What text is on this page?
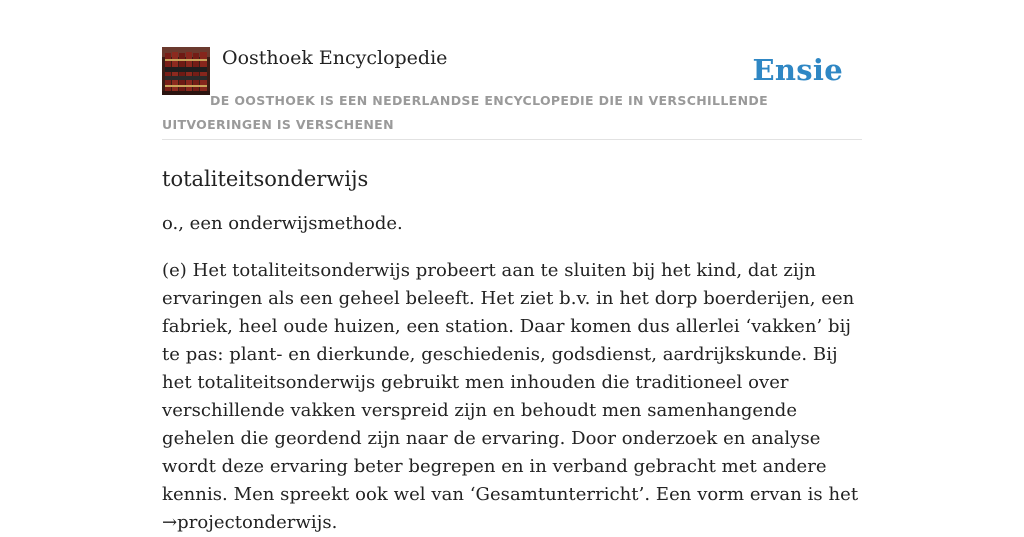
Oosthoek Encyclopedie	Ensie
DE OOSTHOEK IS EEN NEDERLANDSE ENCYCLOPEDIE DIE IN VERSCHILLENDE UITVOERINGEN IS VERSCHENEN
totaliteitsonderwijs

o., een onderwijsmethode.

(e) Het totaliteitsonderwijs probeert aan te sluiten bij het kind, dat zijn ervaringen als een geheel beleeft. Het ziet b.v. in het dorp boerderijen, een fabriek, heel oude huizen, een station. Daar komen dus allerlei ‘vakken’ bij te pas: plant- en dierkunde, geschiedenis, godsdienst, aardrijkskunde. Bij het totaliteitsonderwijs gebruikt men inhouden die traditioneel over verschillende vakken verspreid zijn en behoudt men samenhangende gehelen die geordend zijn naar de ervaring. Door onderzoek en analyse wordt deze ervaring beter begrepen en in verband gebracht met andere kennis. Men spreekt ook wel van ‘Gesamtunterricht’. Een vorm ervan is het →projectonderwijs.
